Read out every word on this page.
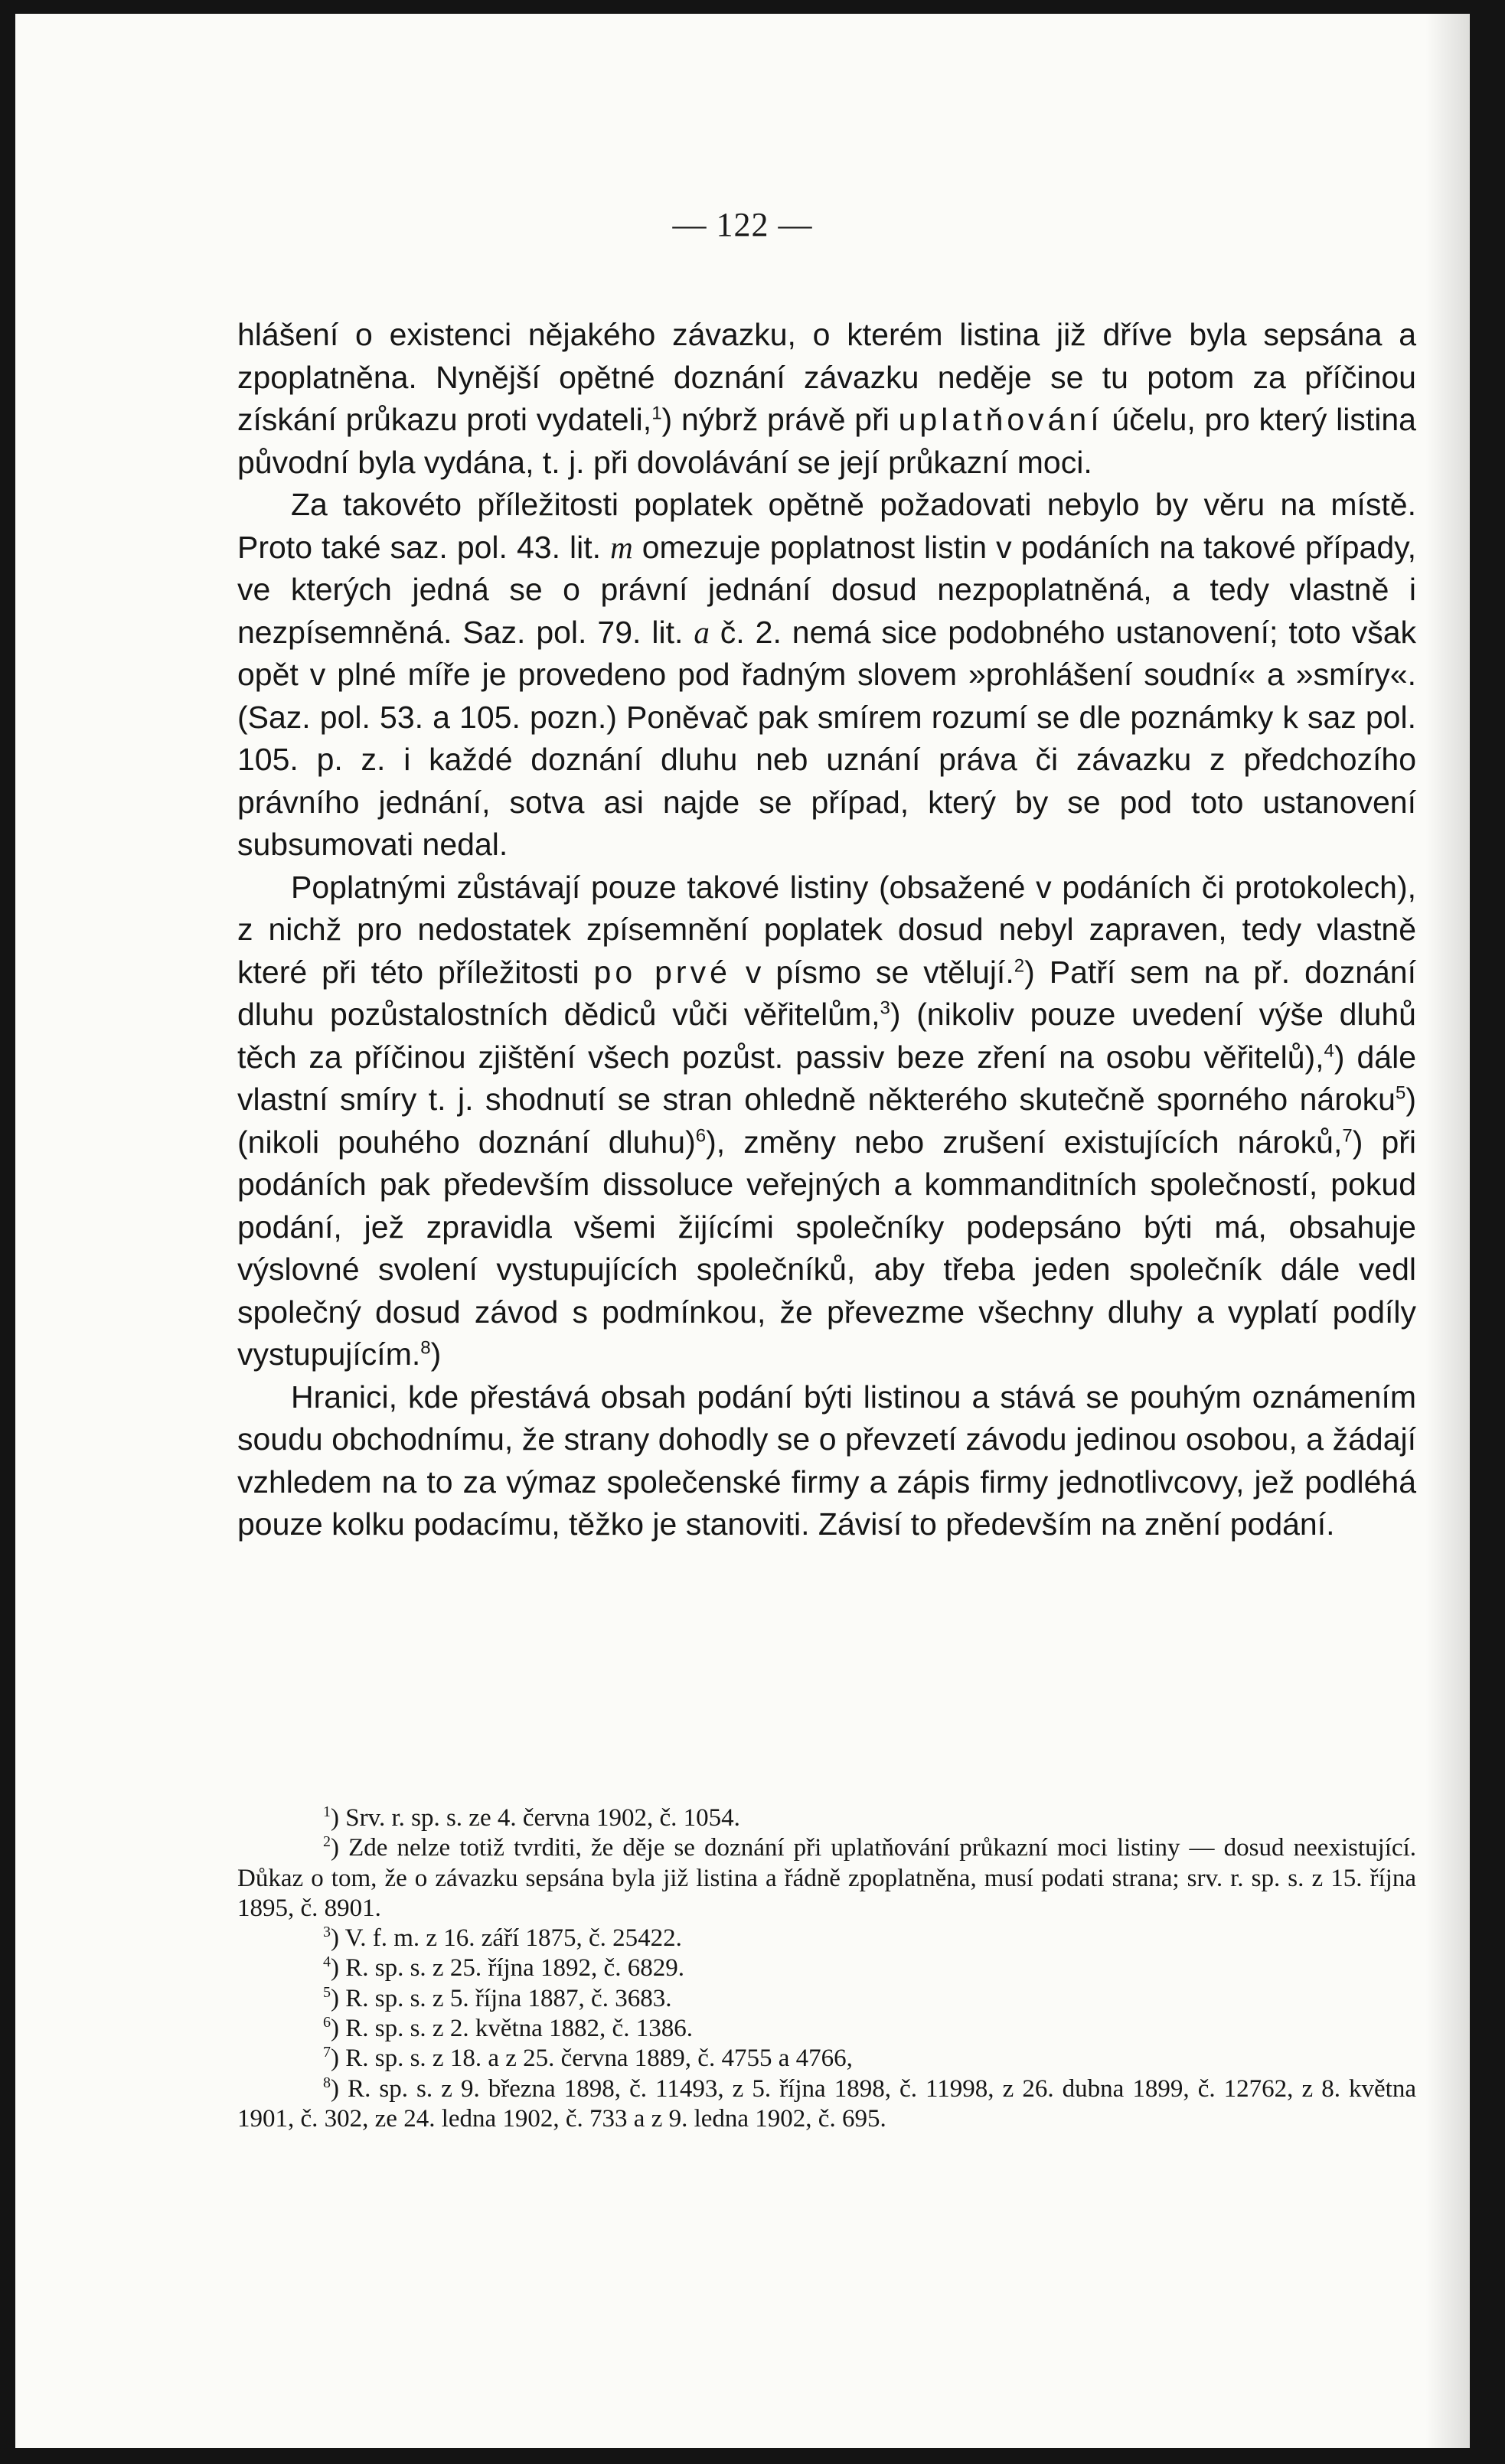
— 122 —

hlášení o existenci nějakého závazku, o kterém listina již dříve byla sepsána a zpoplatněna. Nynější opětné doznání závazku neděje se tu potom za příčinou získání průkazu proti vydateli,$^1$) nýbrž právě při uplatňování účelu, pro který listina původní byla vydána, t. j. při dovolávání se její průkazní moci.

Za takovéto příležitosti poplatek opětně požadovati nebylo by věru na místě. Proto také saz. pol. 43. lit. m omezuje poplatnost listin v podáních na takové případy, ve kterých jedná se o právní jednání dosud nezpoplatněná, a tedy vlastně i nezpísemněná. Saz. pol. 79. lit. a č. 2. nemá sice podobného ustanovení; toto však opět v plné míře je provedeno pod řadným slovem »prohlášení soudní« a »smíry«. (Saz. pol. 53. a 105. pozn.) Poněvač pak smírem rozumí se dle poznámky k saz pol. 105. p. z. i každé doznání dluhu neb uznání práva či závazku z předchozího právního jednání, sotva asi najde se případ, který by se pod toto ustanovení subsumovati nedal.

Poplatnými zůstávají pouze takové listiny (obsažené v podáních či protokolech), z nichž pro nedostatek zpísemnění poplatek dosud nebyl zapraven, tedy vlastně které při této příležitosti po prvé v písmo se vtělují.$^2$) Patří sem na př. doznání dluhu pozůstalostních dědiců vůči věřitelům,$^3$) (nikoliv pouze uvedení výše dluhů těch za příčinou zjištění všech pozůst. passiv beze zření na osobu věřitelů),$^4$) dále vlastní smíry t. j. shodnutí se stran ohledně některého skutečně sporného nároku$^5$) (nikoli pouhého doznání dluhu)$^6$), změny nebo zrušení existujících nároků,$^7$) při podáních pak především dissoluce veřejných a kommanditních společností, pokud podání, jež zpravidla všemi žijícími společníky podepsáno býti má, obsahuje výslovné svolení vystupujících společníků, aby třeba jeden společník dále vedl společný dosud závod s podmínkou, že převezme všechny dluhy a vyplatí podíly vystupujícím.$^8$)

Hranici, kde přestává obsah podání býti listinou a stává se pouhým oznámením soudu obchodnímu, že strany dohodly se o převzetí závodu jedinou osobou, a žádají vzhledem na to za výmaz společenské firmy a zápis firmy jednotlivcovy, jež podléhá pouze kolku podacímu, těžko je stanoviti. Závisí to především na znění podání.

$^1$) Srv. r. sp. s. ze 4. června 1902, č. 1054.

$^2$) Zde nelze totiž tvrditi, že děje se doznání při uplatňování průkazní moci listiny — dosud neexistující. Důkaz o tom, že o závazku sepsána byla již listina a řádně zpoplatněna, musí podati strana; srv. r. sp. s. z 15. října 1895, č. 8901.

$^3$) V. f. m. z 16. září 1875, č. 25422.

$^4$) R. sp. s. z 25. října 1892, č. 6829.

$^5$) R. sp. s. z 5. října 1887, č. 3683.

$^6$) R. sp. s. z 2. května 1882, č. 1386.

$^7$) R. sp. s. z 18. a z 25. června 1889, č. 4755 a 4766,

$^8$) R. sp. s. z 9. března 1898, č. 11493, z 5. října 1898, č. 11998, z 26. dubna 1899, č. 12762, z 8. května 1901, č. 302, ze 24. ledna 1902, č. 733 a z 9. ledna 1902, č. 695.
